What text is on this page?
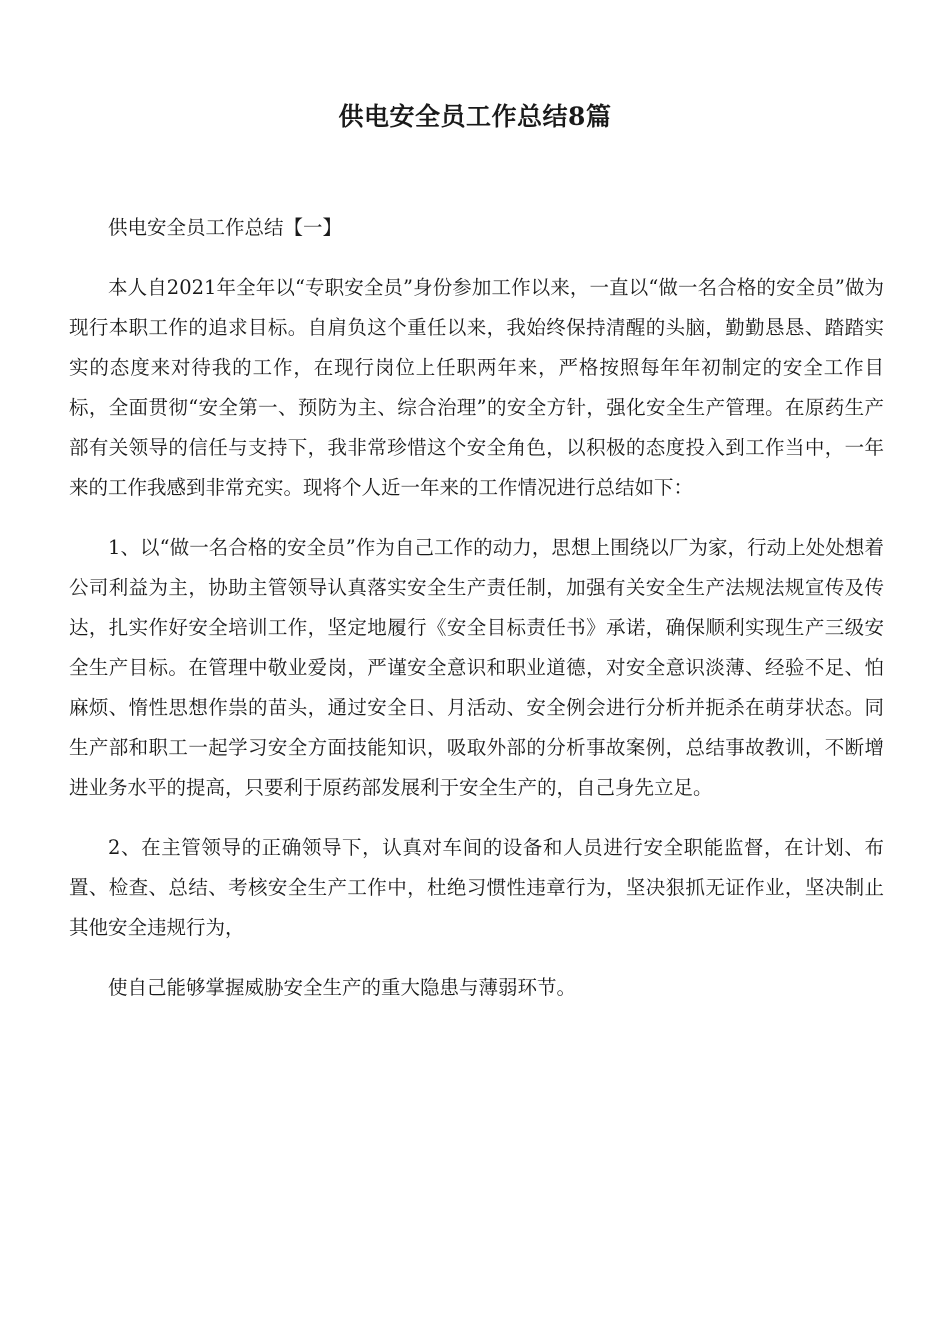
供电安全员工作总结8篇

供电安全员工作总结【一】

本人自2021年全年以“专职安全员”身份参加工作以来，一直以“做一名合格的安全员”做为现行本职工作的追求目标。自肩负这个重任以来，我始终保持清醒的头脑，勤勤恳恳、踏踏实实的态度来对待我的工作，在现行岗位上任职两年来，严格按照每年年初制定的安全工作目标，全面贯彻“安全第一、预防为主、综合治理”的安全方针，强化安全生产管理。在原药生产部有关领导的信任与支持下，我非常珍惜这个安全角色，以积极的态度投入到工作当中，一年来的工作我感到非常充实。现将个人近一年来的工作情况进行总结如下：

1、以“做一名合格的安全员”作为自己工作的动力，思想上围绕以厂为家，行动上处处想着公司利益为主，协助主管领导认真落实安全生产责任制，加强有关安全生产法规法规宣传及传达，扎实作好安全培训工作，坚定地履行《安全目标责任书》承诺，确保顺利实现生产三级安全生产目标。在管理中敬业爱岗，严谨安全意识和职业道德，对安全意识淡薄、经验不足、怕麻烦、惰性思想作祟的苗头，通过安全日、月活动、安全例会进行分析并扼杀在萌芽状态。同生产部和职工一起学习安全方面技能知识，吸取外部的分析事故案例，总结事故教训，不断增进业务水平的提高，只要利于原药部发展利于安全生产的，自己身先立足。

2、在主管领导的正确领导下，认真对车间的设备和人员进行安全职能监督，在计划、布置、检查、总结、考核安全生产工作中，杜绝习惯性违章行为，坚决狠抓无证作业，坚决制止其他安全违规行为，

使自己能够掌握威胁安全生产的重大隐患与薄弱环节。
